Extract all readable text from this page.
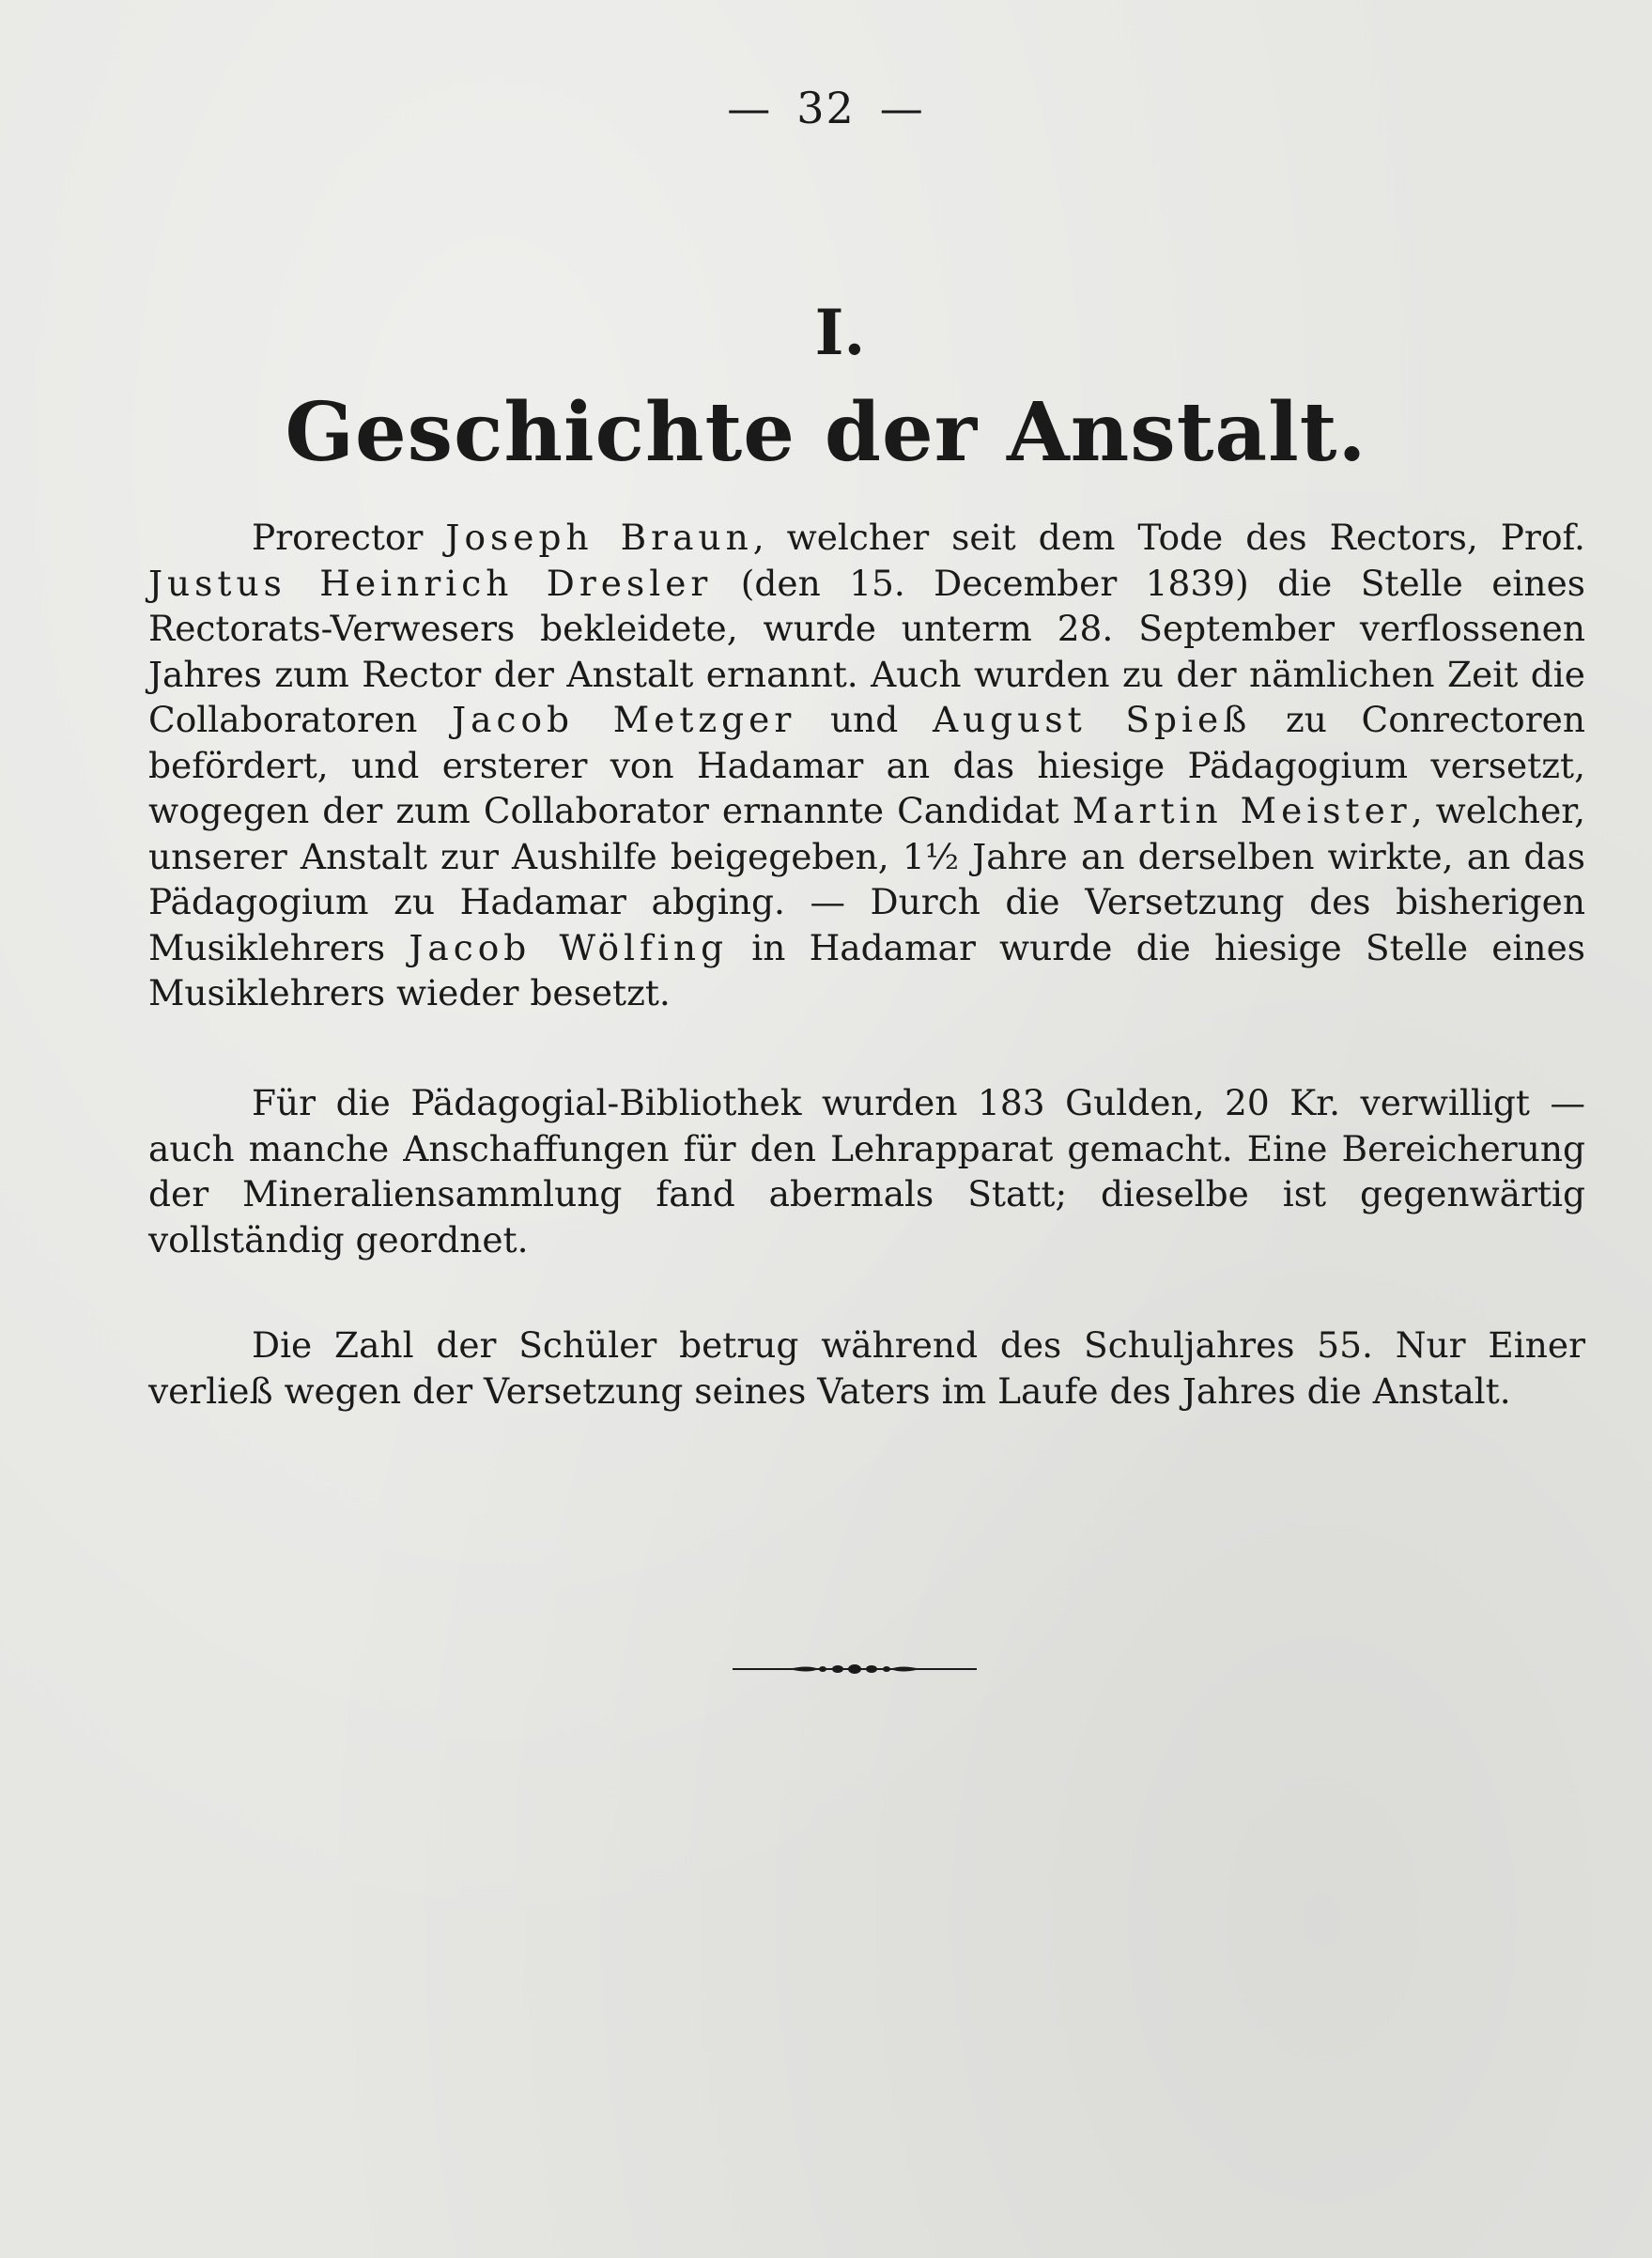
— 32 —
I.
Geschichte der Anstalt.

Prorector Joseph Braun, welcher seit dem Tode des Rectors, Prof. Justus Heinrich Dresler (den 15. December 1839) die Stelle eines Rectorats-Verwesers bekleidete, wurde unterm 28. September verflossenen Jahres zum Rector der Anstalt ernannt. Auch wurden zu der nämlichen Zeit die Collaboratoren Jacob Metzger und August Spieß zu Conrectoren befördert, und ersterer von Hadamar an das hiesige Pädagogium versetzt, wogegen der zum Collaborator ernannte Candidat Martin Meister, welcher, unserer Anstalt zur Aushilfe beigegeben, 1½ Jahre an derselben wirkte, an das Pädagogium zu Hadamar abging. — Durch die Versetzung des bisherigen Musiklehrers Jacob Wölfing in Hadamar wurde die hiesige Stelle eines Musiklehrers wieder besetzt.

Für die Pädagogial-Bibliothek wurden 183 Gulden, 20 Kr. verwilligt — auch manche Anschaffungen für den Lehrapparat gemacht. Eine Bereicherung der Mineraliensammlung fand abermals Statt; dieselbe ist gegenwärtig vollständig geordnet.

Die Zahl der Schüler betrug während des Schuljahres 55. Nur Einer verließ wegen der Versetzung seines Vaters im Laufe des Jahres die Anstalt.
